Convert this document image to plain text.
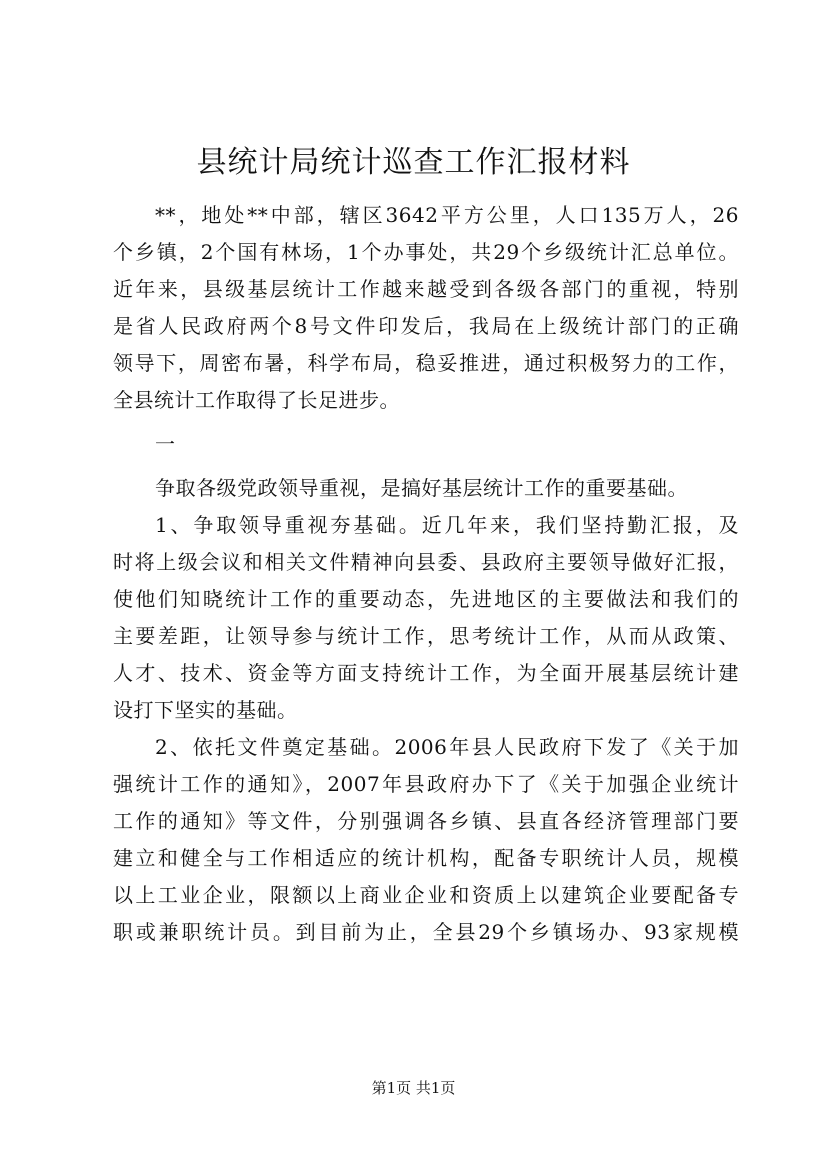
县统计局统计巡查工作汇报材料
**，地处**中部，辖区3642平方公里，人口135万人，26
个乡镇，2个国有林场，1个办事处，共29个乡级统计汇总单位。
近年来，县级基层统计工作越来越受到各级各部门的重视，特别
是省人民政府两个8号文件印发后，我局在上级统计部门的正确
领导下，周密布暑，科学布局，稳妥推进，通过积极努力的工作，
全县统计工作取得了长足进步。
一
争取各级党政领导重视，是搞好基层统计工作的重要基础。
1、争取领导重视夯基础。近几年来，我们坚持勤汇报，及
时将上级会议和相关文件精神向县委、县政府主要领导做好汇报，
使他们知晓统计工作的重要动态，先进地区的主要做法和我们的
主要差距，让领导参与统计工作，思考统计工作，从而从政策、
人才、技术、资金等方面支持统计工作，为全面开展基层统计建
设打下坚实的基础。
2、依托文件奠定基础。2006年县人民政府下发了《关于加
强统计工作的通知》，2007年县政府办下了《关于加强企业统计
工作的通知》等文件，分别强调各乡镇、县直各经济管理部门要
建立和健全与工作相适应的统计机构，配备专职统计人员，规模
以上工业企业，限额以上商业企业和资质上以建筑企业要配备专
职或兼职统计员。到目前为止，全县29个乡镇场办、93家规模
第1页 共1页
